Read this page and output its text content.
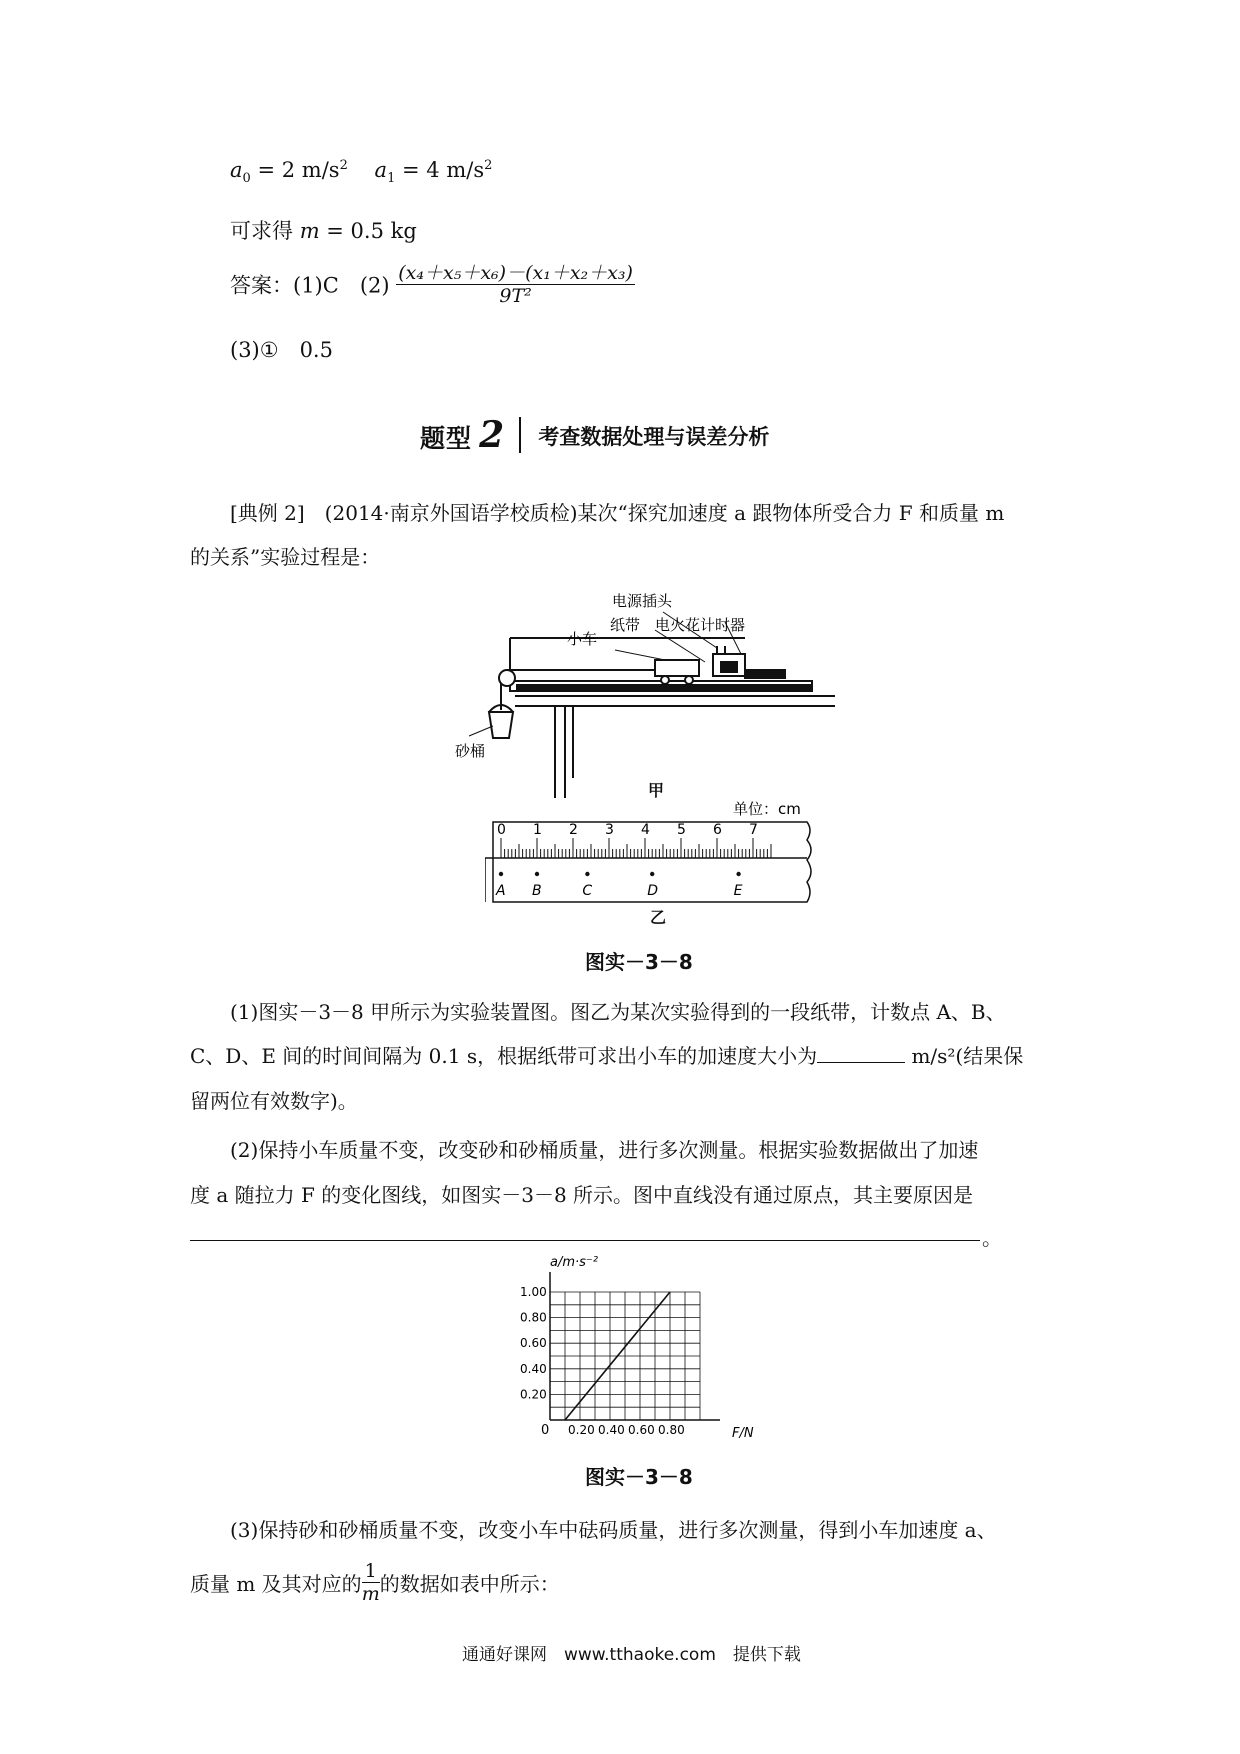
$a_0 = 2$ $m/s^2$ $a_1 = 4$ $m/s^2$
可求得 m = 0.5 kg
答案：(1)C　$(2) \frac{\text{(x₄＋x₅＋x₆)－(x₁＋x₂＋x₃)}}{\text{9T²}}$
(3)①　0.5
题型 2 考查数据处理与误差分析
[典例 2]　(2014·南京外国语学校质检)某次“探究加速度 a 跟物体所受合力 F 和质量 m
的关系”实验过程是：
电源插头
小车
纸带 电火花计时器
砂桶
甲
单位：cm
0 1 2 3 4 5 6 7
A B	C	D	E
乙
图实－3－8
(1)图实－3－8 甲所示为实验装置图。图乙为某次实验得到的一段纸带，计数点 A、B、
C、D、E 间的时间间隔为 0.1 s，根据纸带可求出小车的加速度大小为	m/s²(结果保
留两位有效数字)。
(2)保持小车质量不变，改变砂和砂桶质量，进行多次测量。根据实验数据做出了加速
度 a 随拉力 F 的变化图线，如图实－3－8 所示。图中直线没有通过原点，其主要原因是
。
a/m·s⁻²
F/N
0 0.20 0.40 0.60 0.80
1.00
0.80
0.60
0.40
0.20
图实－3－8
(3)保持砂和砂桶质量不变，改变小车中砝码质量，进行多次测量，得到小车加速度 a、
质量 m 及其对应的 $\frac{1}{m}$ 的数据如表中所示：
通通好课网　www.tthaoke.com　提供下载
